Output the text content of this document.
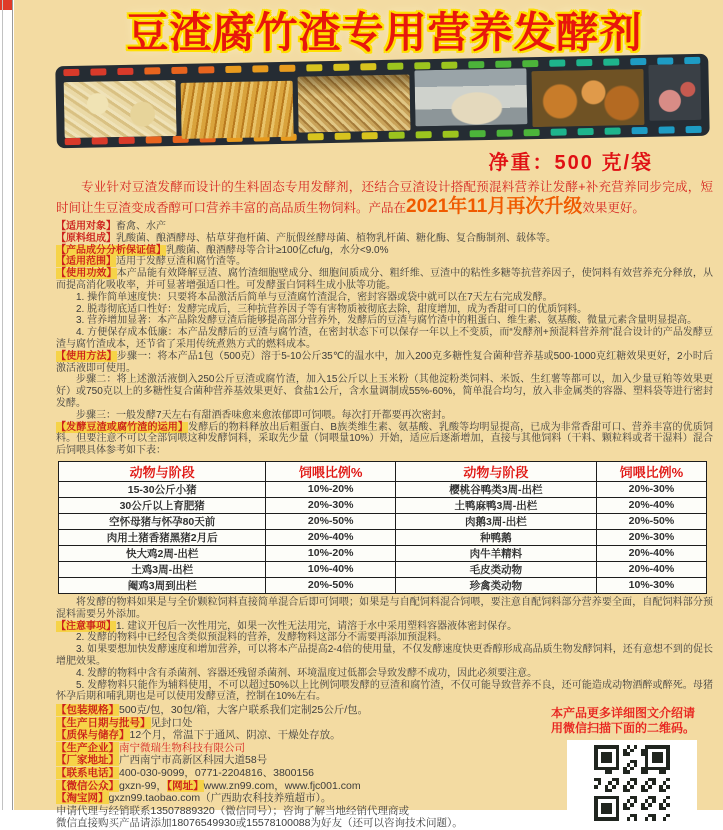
豆渣腐竹渣专用营养发酵剂
净重：500 克/袋

专业针对豆渣发酵而设计的生料固态专用发酵剂，还结合豆渣设计搭配预混料营养让发酵+补充营养同步完成，短时间让生豆渣变成香醇可口营养丰富的高品质生物饲料。产品在2021年11月再次升级效果更好。

【适用对象】畜禽、水产

【原料组成】乳酸菌、酿酒酵母、枯草芽孢杆菌、产朊假丝酵母菌、植物乳杆菌、糖化酶、复合酶制剂、载体等。

【产品成分分析保证值】乳酸菌、酿酒酵母等合计≥100亿cfu/g，水分<9.0%

【适用范围】适用于发酵豆渣和腐竹渣等。

【使用功效】本产品能有效降解豆渣、腐竹渣细胞壁成分、细胞间质成分、粗纤维、豆渣中的粘性多糖等抗营养因子，使饲料有效营养充分释放，从而提高消化吸收率，并可显著增强适口性。可发酵蛋白饲料生成小肽等功能。

1. 操作简单速度快：只要将本品激活后简单与豆渣腐竹渣混合，密封容器或袋中就可以在7天左右完成发酵。

2. 脱毒彻底适口性好：发酵完成后，三种抗营养因子等有害物质被彻底去除，甜度增加，成为香甜可口的优质饲料。

3. 营养增加显著：本产品除发酵豆渣后能够提高部分营养外，发酵后的豆渣与腐竹渣中的粗蛋白、维生素、氨基酸、微量元素含量明显提高。

4. 方便保存成本低廉：本产品发酵后的豆渣与腐竹渣，在密封状态下可以保存一年以上不变质，而“发酵剂+预混料营养剂”混合设计的产品发酵豆渣与腐竹渣成本，还节省了采用传统煮熟方式的燃料成本。

【使用方法】步骤一：将本产品1包（500克）溶于5-10公斤35℃的温水中，加入200克多糖性复合菌种营养基或500-1000克红糖效果更好，2小时后激活液即可使用。

步骤二：将上述激活液倒入250公斤豆渣或腐竹渣，加入15公斤以上玉米粉（其他淀粉类饲料、米饭、生红薯等都可以，加入少量豆粕等效果更好）或750克以上的多糖性复合菌种营养基效果更好、食盐1公斤，含水量调制成55%-60%，简单混合均匀，放入非金属类的容器、塑料袋等进行密封发酵。

步骤三：一般发酵7天左右有甜酒香味愈来愈浓郁即可饲喂。每次打开都要再次密封。

【发酵豆渣或腐竹渣的运用】发酵后的物料释放出后粗蛋白、B族类维生素、氨基酸、乳酸等均明显提高，已成为非常香甜可口、营养丰富的优质饲料。但要注意不可以全部饲喂这种发酵饲料，采取先少量（饲喂量10%）开始，适应后逐渐增加，直接与其他饲料（干料、颗粒料或者干湿料）混合后饲喂具体参考如下表：

动物与阶段	饲喂比例%	动物与阶段	饲喂比例%
15-30公斤小猪	10%-20%	樱桃谷鸭类3周-出栏	20%-30%
30公斤以上育肥猪	20%-30%	土鸭麻鸭3周-出栏	20%-40%
空怀母猪与怀孕80天前	20%-50%	肉鹅3周-出栏	20%-50%
肉用土猪香猪黑猪2月后	20%-40%	种鸭鹅	20%-30%
快大鸡2周-出栏	10%-20%	肉牛羊精料	20%-40%
土鸡3周-出栏	10%-40%	毛皮类动物	20%-40%
阉鸡3周到出栏	20%-50%	珍禽类动物	10%-30%

将发酵的物料如果是与全价颗粒饲料直接简单混合后即可饲喂；如果是与自配饲料混合饲喂，要注意自配饲料部分营养要全面，自配饲料部分预混料需要另外添加。

【注意事项】1. 建议开包后一次性用完，如果一次性无法用完，请溶于水中采用塑料容器液体密封保存。

2. 发酵的物料中已经包含类似预混料的营养，发酵物料这部分不需要再添加预混料。

3. 如果要想加快发酵速度和增加营养，可以将本产品提高2-4倍的使用量，不仅发酵速度快更香醇形成高品质生物发酵饲料，还有意想不到的促长增肥效果。

4. 发酵的物料中含有杀菌剂、容器还残留杀菌剂、环境温度过低都会导致发酵不成功，因此必须要注意。

5. 发酵物料只能作为辅料使用，不可以超过50%以上比例饲喂发酵的豆渣和腐竹渣，不仅可能导致营养不良，还可能造成动物酒醉或醉死。母猪怀孕后期和哺乳期也是可以使用发酵豆渣，控制在10%左右。

【包装规格】500克/包，30包/箱，大客户联系我们定制25公斤/包。
【生产日期与批号】见封口处
【质保与储存】12个月，常温下于通风、阴凉、干燥处存放。
【生产企业】南宁微瑞生物科技有限公司
【厂家地址】广西南宁市高新区科园大道58号
【联系电话】400-030-9099，0771-2204816、3800156
【微信公众】gxzn-99，【网址】www.zn99.com，www.fjc001.com
【淘宝网】gxzn99.taobao.com（广西助农科技养殖超市）。
申请代理与经销联系13507889320（微信同号）；咨询了解当地经销代理商或
微信直接购买产品请添加18076549930或15578100088为好友（还可以咨询技术问题）。
本产品更多详细图文介绍请
用微信扫描下面的二维码。
